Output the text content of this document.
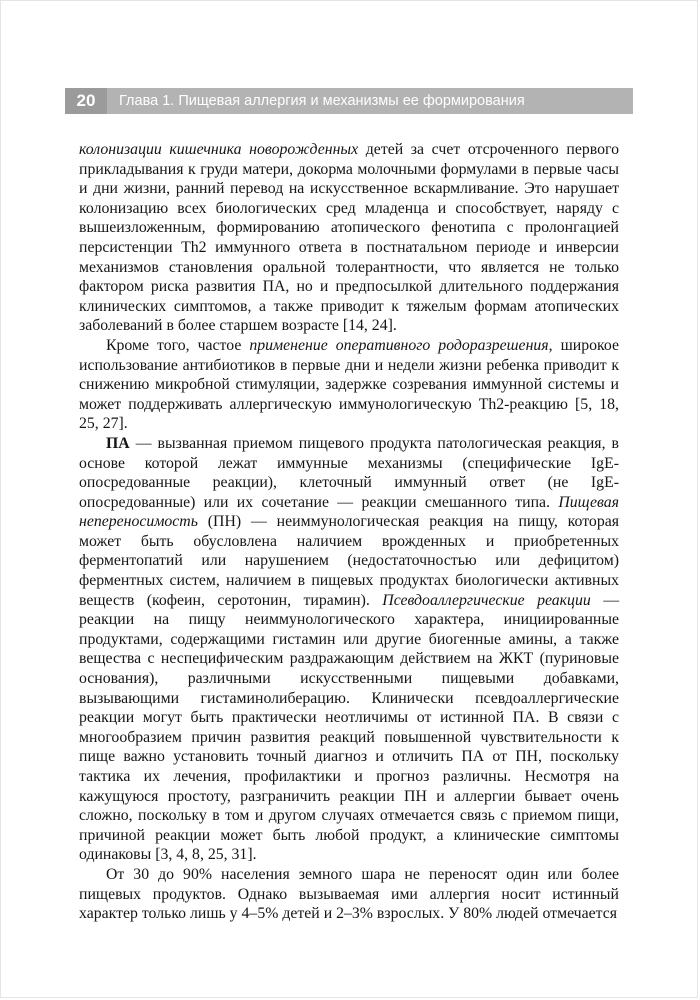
20	Глава 1. Пищевая аллергия и механизмы ее формирования

колонизации кишечника новорожденных детей за счет отсроченного первого прикладывания к груди матери, докорма молочными формулами в первые часы и дни жизни, ранний перевод на искусственное вскармливание. Это нарушает колонизацию всех биологических сред младенца и способствует, наряду с вышеизложенным, формированию атопического фенотипа с пролонгацией персистенции Th2 иммунного ответа в постнатальном периоде и инверсии механизмов становления оральной толерантности, что является не только фактором риска развития ПА, но и предпосылкой длительного поддержания клинических симптомов, а также приводит к тяжелым формам атопических заболеваний в более старшем возрасте [14, 24].

Кроме того, частое применение оперативного родоразрешения, широкое использование антибиотиков в первые дни и недели жизни ребенка приводит к снижению микробной стимуляции, задержке созревания иммунной системы и может поддерживать аллергическую иммунологическую Th2-реакцию [5, 18, 25, 27].

ПА — вызванная приемом пищевого продукта патологическая реакция, в основе которой лежат иммунные механизмы (специфические IgE-опосредованные реакции), клеточный иммунный ответ (не IgE-опосредованные) или их сочетание — реакции смешанного типа. Пищевая непереносимость (ПН) — неиммунологическая реакция на пищу, которая может быть обусловлена наличием врожденных и приобретенных ферментопатий или нарушением (недостаточностью или дефицитом) ферментных систем, наличием в пищевых продуктах биологически активных веществ (кофеин, серотонин, тирамин). Псевдоаллергические реакции — реакции на пищу неиммунологического характера, инициированные продуктами, содержащими гистамин или другие биогенные амины, а также вещества с неспецифическим раздражающим действием на ЖКТ (пуриновые основания), различными искусственными пищевыми добавками, вызывающими гистаминолиберацию. Клинически псевдоаллергические реакции могут быть практически неотличимы от истинной ПА. В связи с многообразием причин развития реакций повышенной чувствительности к пище важно установить точный диагноз и отличить ПА от ПН, поскольку тактика их лечения, профилактики и прогноз различны. Несмотря на кажущуюся простоту, разграничить реакции ПН и аллергии бывает очень сложно, поскольку в том и другом случаях отмечается связь с приемом пищи, причиной реакции может быть любой продукт, а клинические симптомы одинаковы [3, 4, 8, 25, 31].

От 30 до 90% населения земного шара не переносят один или более пищевых продуктов. Однако вызываемая ими аллергия носит истинный характер только лишь у 4–5% детей и 2–3% взрослых. У 80% людей отмечается
